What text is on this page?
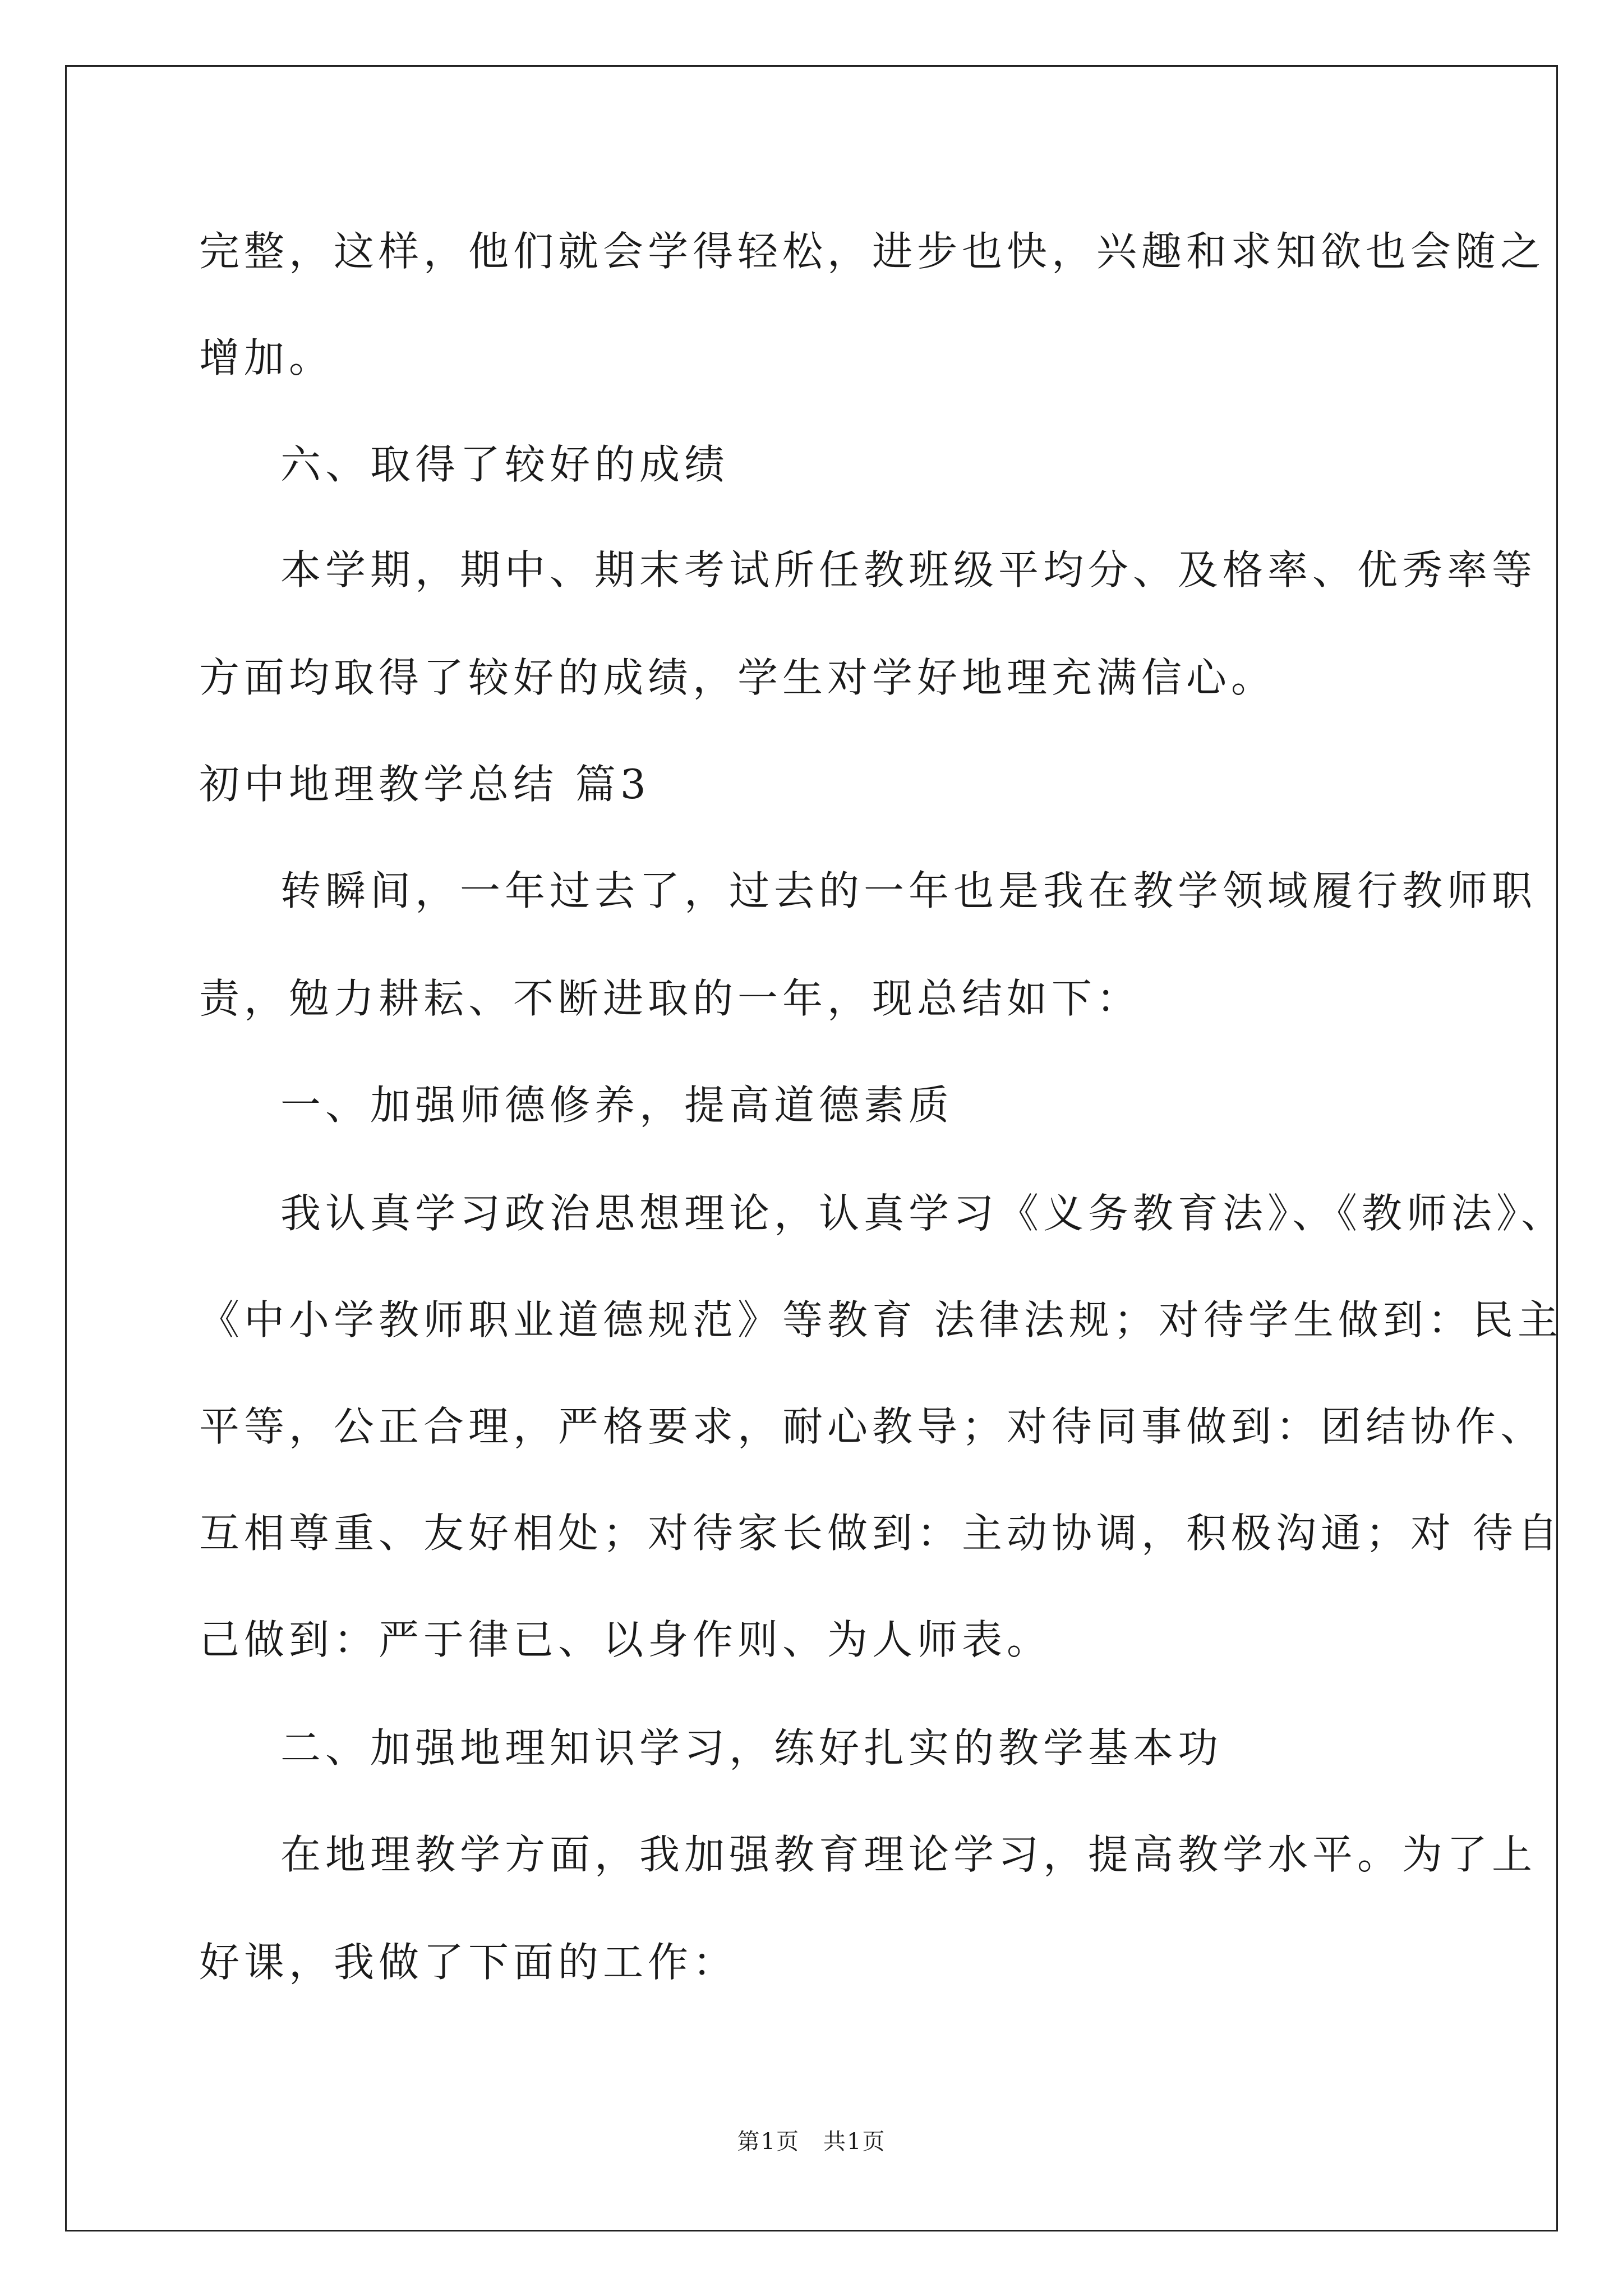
完整，这样，他们就会学得轻松，进步也快，兴趣和求知欲也会随之
增加。
六、取得了较好的成绩
本学期，期中、期末考试所任教班级平均分、及格率、优秀率等
方面均取得了较好的成绩，学生对学好地理充满信心。
初中地理教学总结 篇3
转瞬间，一年过去了，过去的一年也是我在教学领域履行教师职
责，勉力耕耘、不断进取的一年，现总结如下：
一、加强师德修养，提高道德素质
我认真学习政治思想理论，认真学习《义务教育法》、《教师法》、
《中小学教师职业道德规范》等教育 法律法规；对待学生做到：民主
平等，公正合理，严格要求，耐心教导；对待同事做到：团结协作、
互相尊重、友好相处；对待家长做到：主动协调，积极沟通；对 待自
己做到：严于律已、以身作则、为人师表。
二、加强地理知识学习，练好扎实的教学基本功
在地理教学方面，我加强教育理论学习，提高教学水平。为了上
好课，我做了下面的工作：
第1页　共1页
